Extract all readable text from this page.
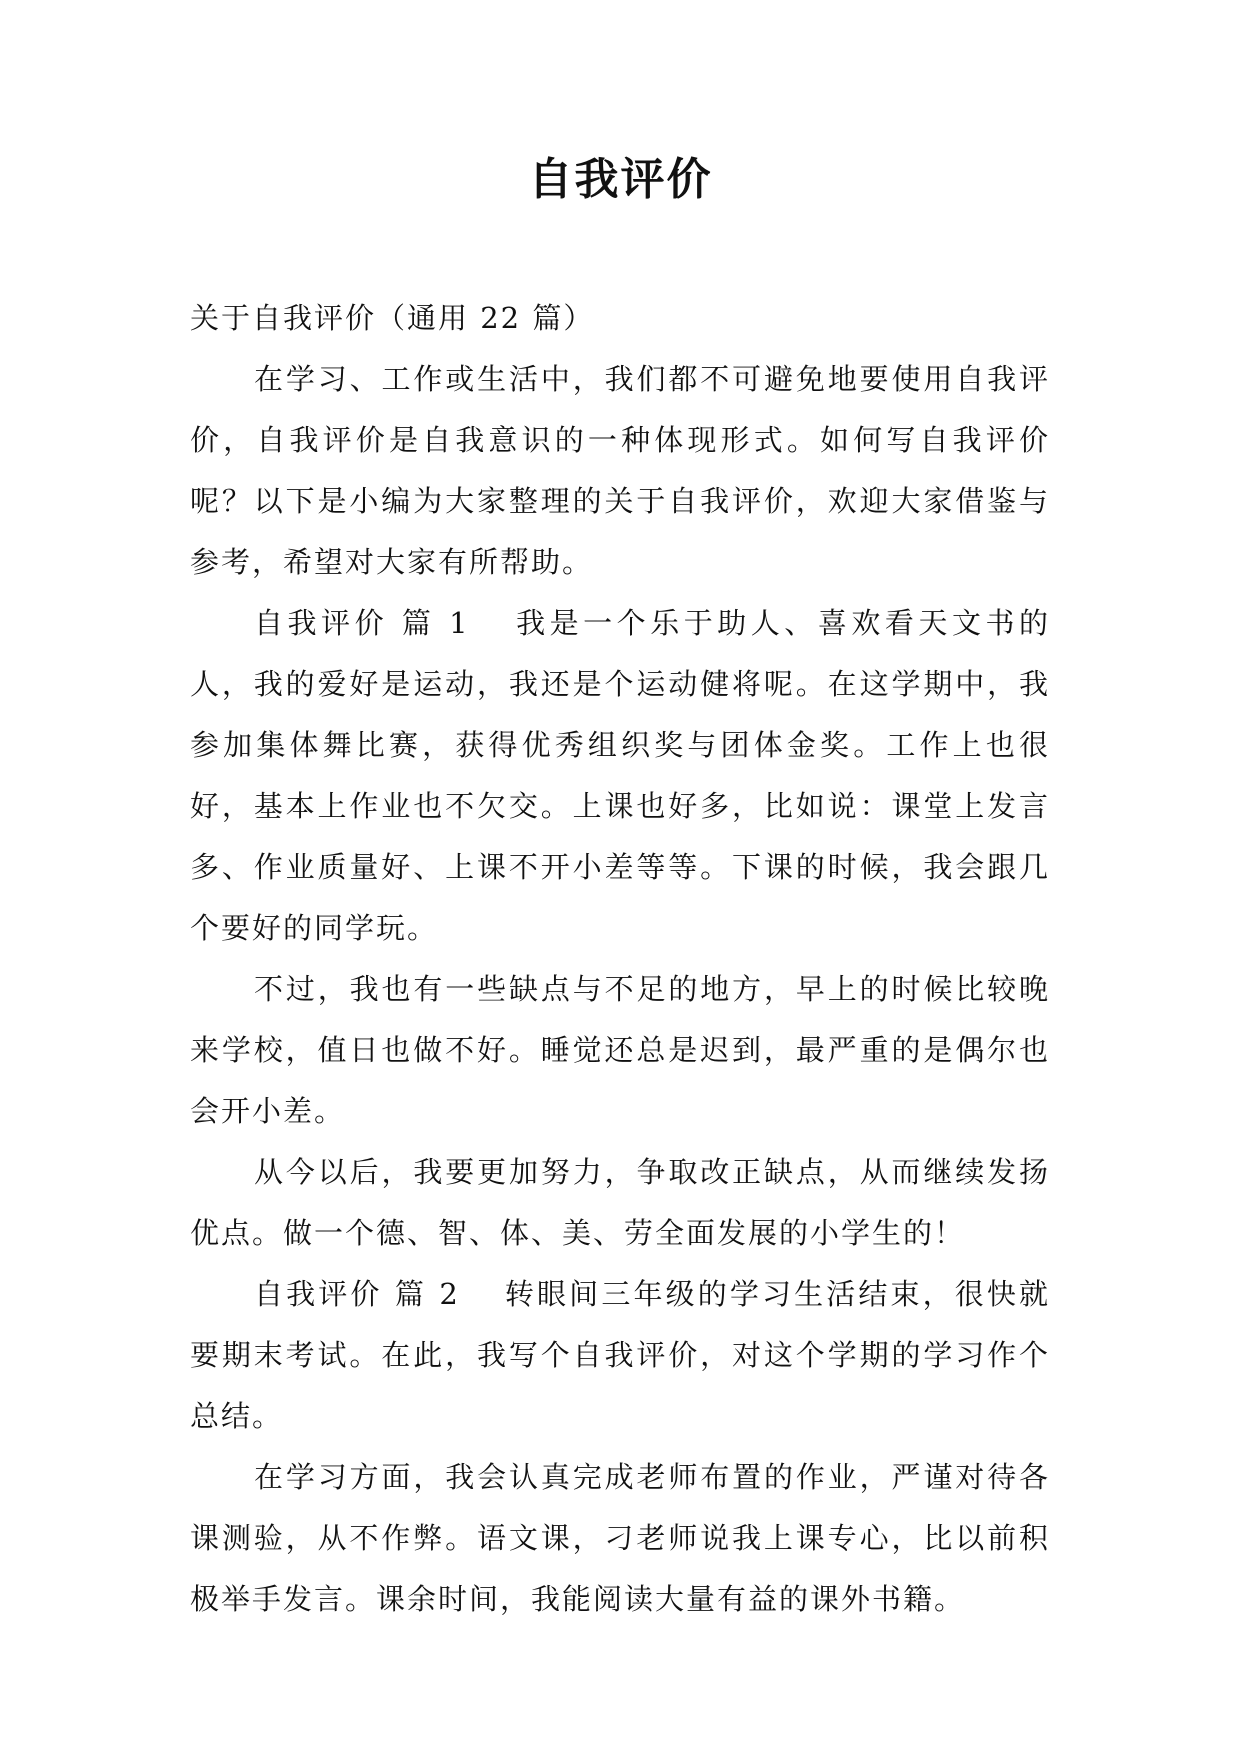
自我评价

关于自我评价（通用 22 篇）

在学习、工作或生活中，我们都不可避免地要使用自我评价，自我评价是自我意识的一种体现形式。如何写自我评价呢？以下是小编为大家整理的关于自我评价，欢迎大家借鉴与参考，希望对大家有所帮助。

自我评价 篇 1 我是一个乐于助人、喜欢看天文书的人，我的爱好是运动，我还是个运动健将呢。在这学期中，我参加集体舞比赛，获得优秀组织奖与团体金奖。工作上也很好，基本上作业也不欠交。上课也好多，比如说：课堂上发言多、作业质量好、上课不开小差等等。下课的时候，我会跟几个要好的同学玩。

不过，我也有一些缺点与不足的地方，早上的时候比较晚来学校，值日也做不好。睡觉还总是迟到，最严重的是偶尔也会开小差。

从今以后，我要更加努力，争取改正缺点，从而继续发扬优点。做一个德、智、体、美、劳全面发展的小学生的！

自我评价 篇 2 转眼间三年级的学习生活结束，很快就要期末考试。在此，我写个自我评价，对这个学期的学习作个总结。

在学习方面，我会认真完成老师布置的作业，严谨对待各课测验，从不作弊。语文课，刁老师说我上课专心，比以前积极举手发言。课余时间，我能阅读大量有益的课外书籍。
